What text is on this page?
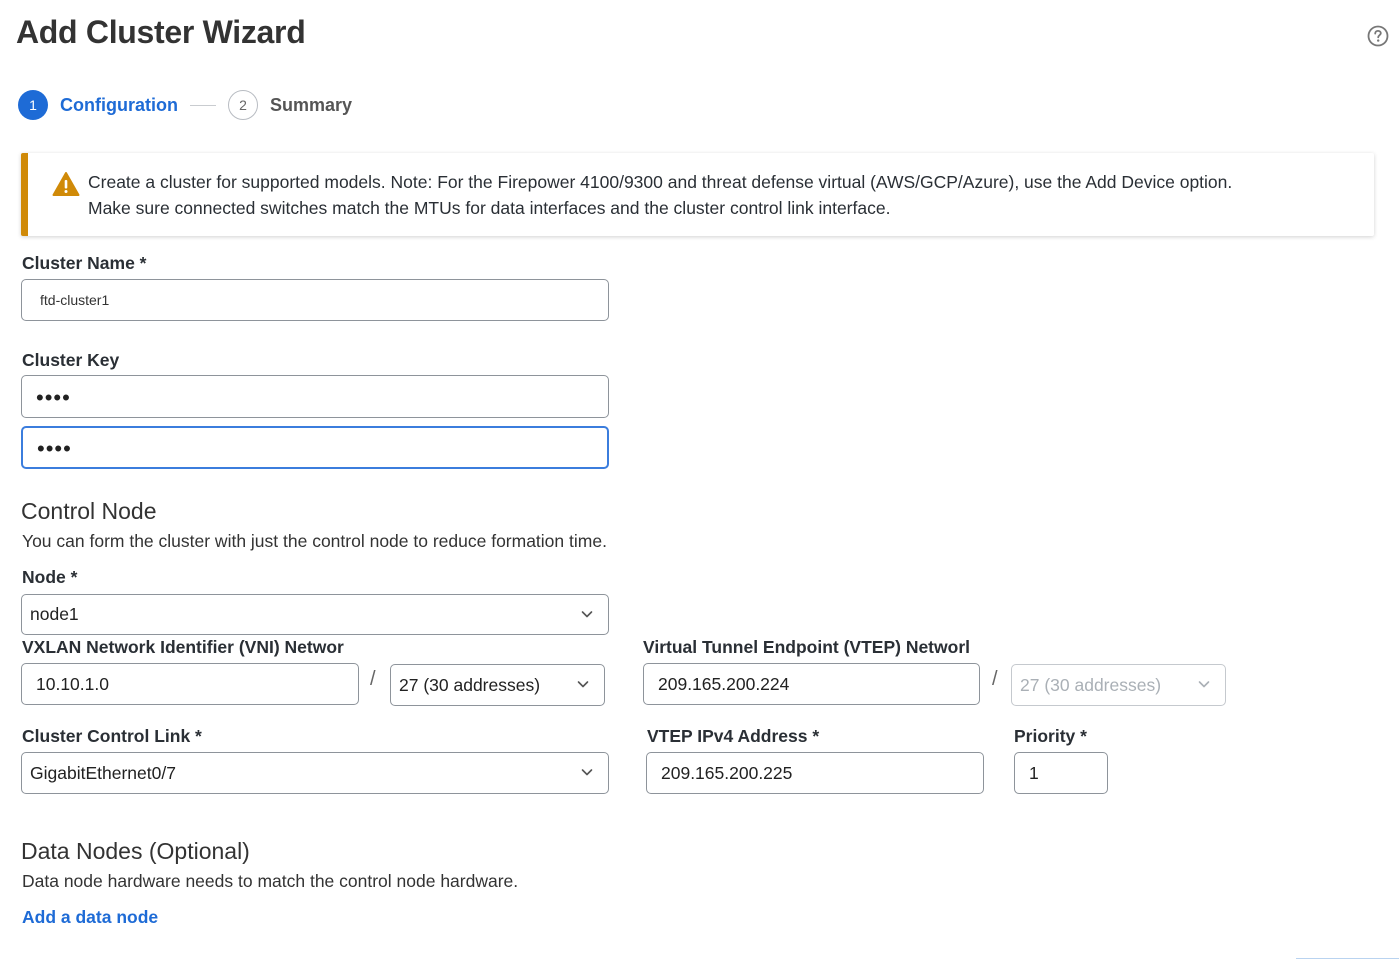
Add Cluster Wizard
1	Configuration	2	Summary
Create a cluster for supported models. Note: For the Firepower 4100/9300 and threat defense virtual (AWS/GCP/Azure), use the Add Device option.
Make sure connected switches match the MTUs for data interfaces and the cluster control link interface.
Cluster Name *
ftd-cluster1
Cluster Key
••••
••••
Control Node
You can form the cluster with just the control node to reduce formation time.
Node *
node1
VXLAN Network Identifier (VNI) Networ
10.10.1.0	/ 27 (30 addresses)
Virtual Tunnel Endpoint (VTEP) Networl
209.165.200.224	/ 27 (30 addresses)
Cluster Control Link *
GigabitEthernet0/7
VTEP IPv4 Address *
209.165.200.225
Priority *
1
Data Nodes (Optional)
Data node hardware needs to match the control node hardware.
Add a data node
